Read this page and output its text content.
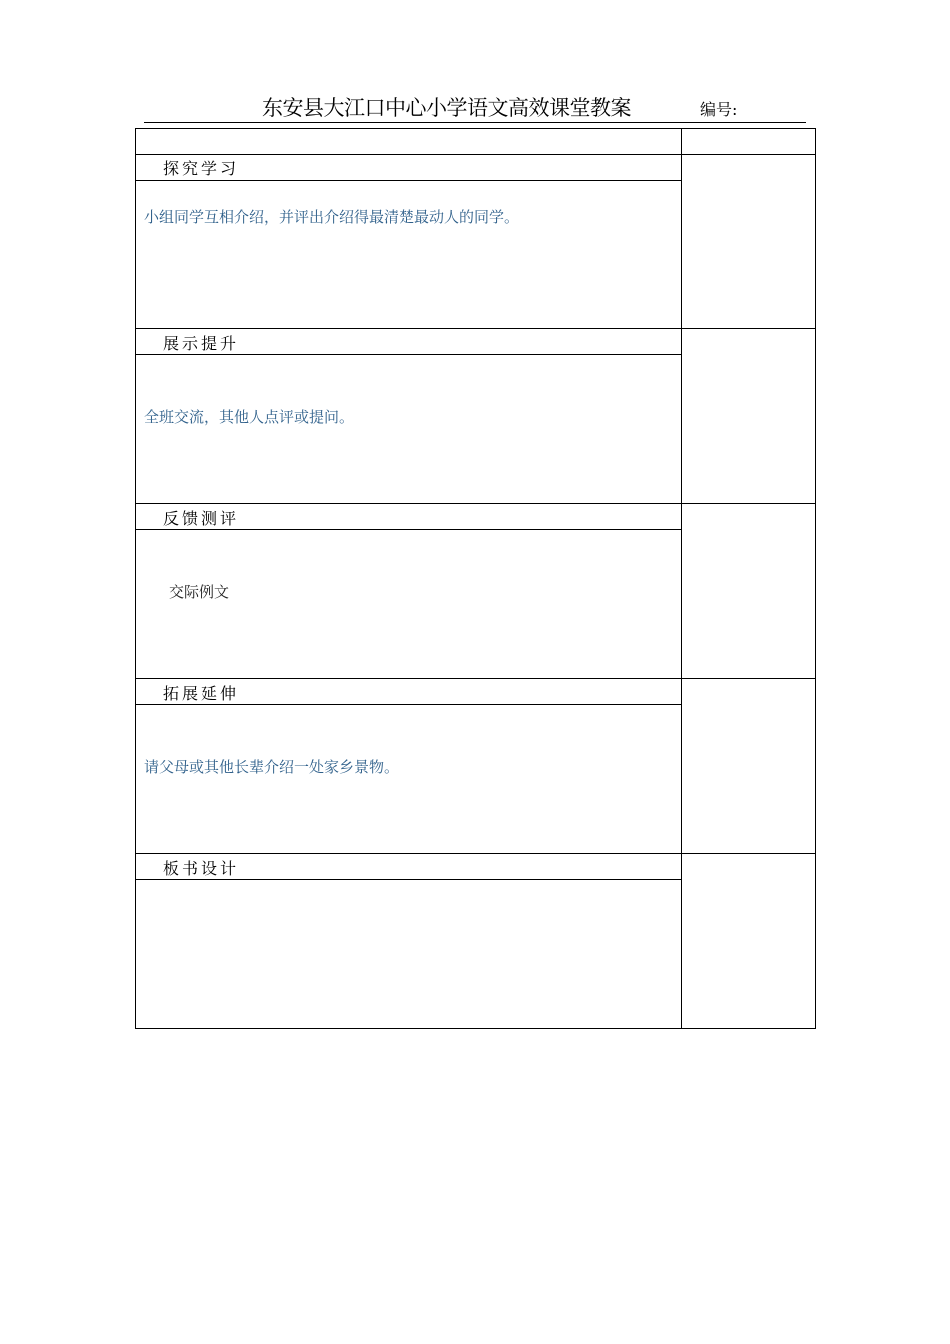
东安县大江口中心小学语文高效课堂教案	编号:
探究学习
展示提升
反馈测评
拓展延伸
板书设计
小组同学互相介绍，并评出介绍得最清楚最动人的同学。
全班交流，其他人点评或提问。
交际例文
请父母或其他长辈介绍一处家乡景物。
